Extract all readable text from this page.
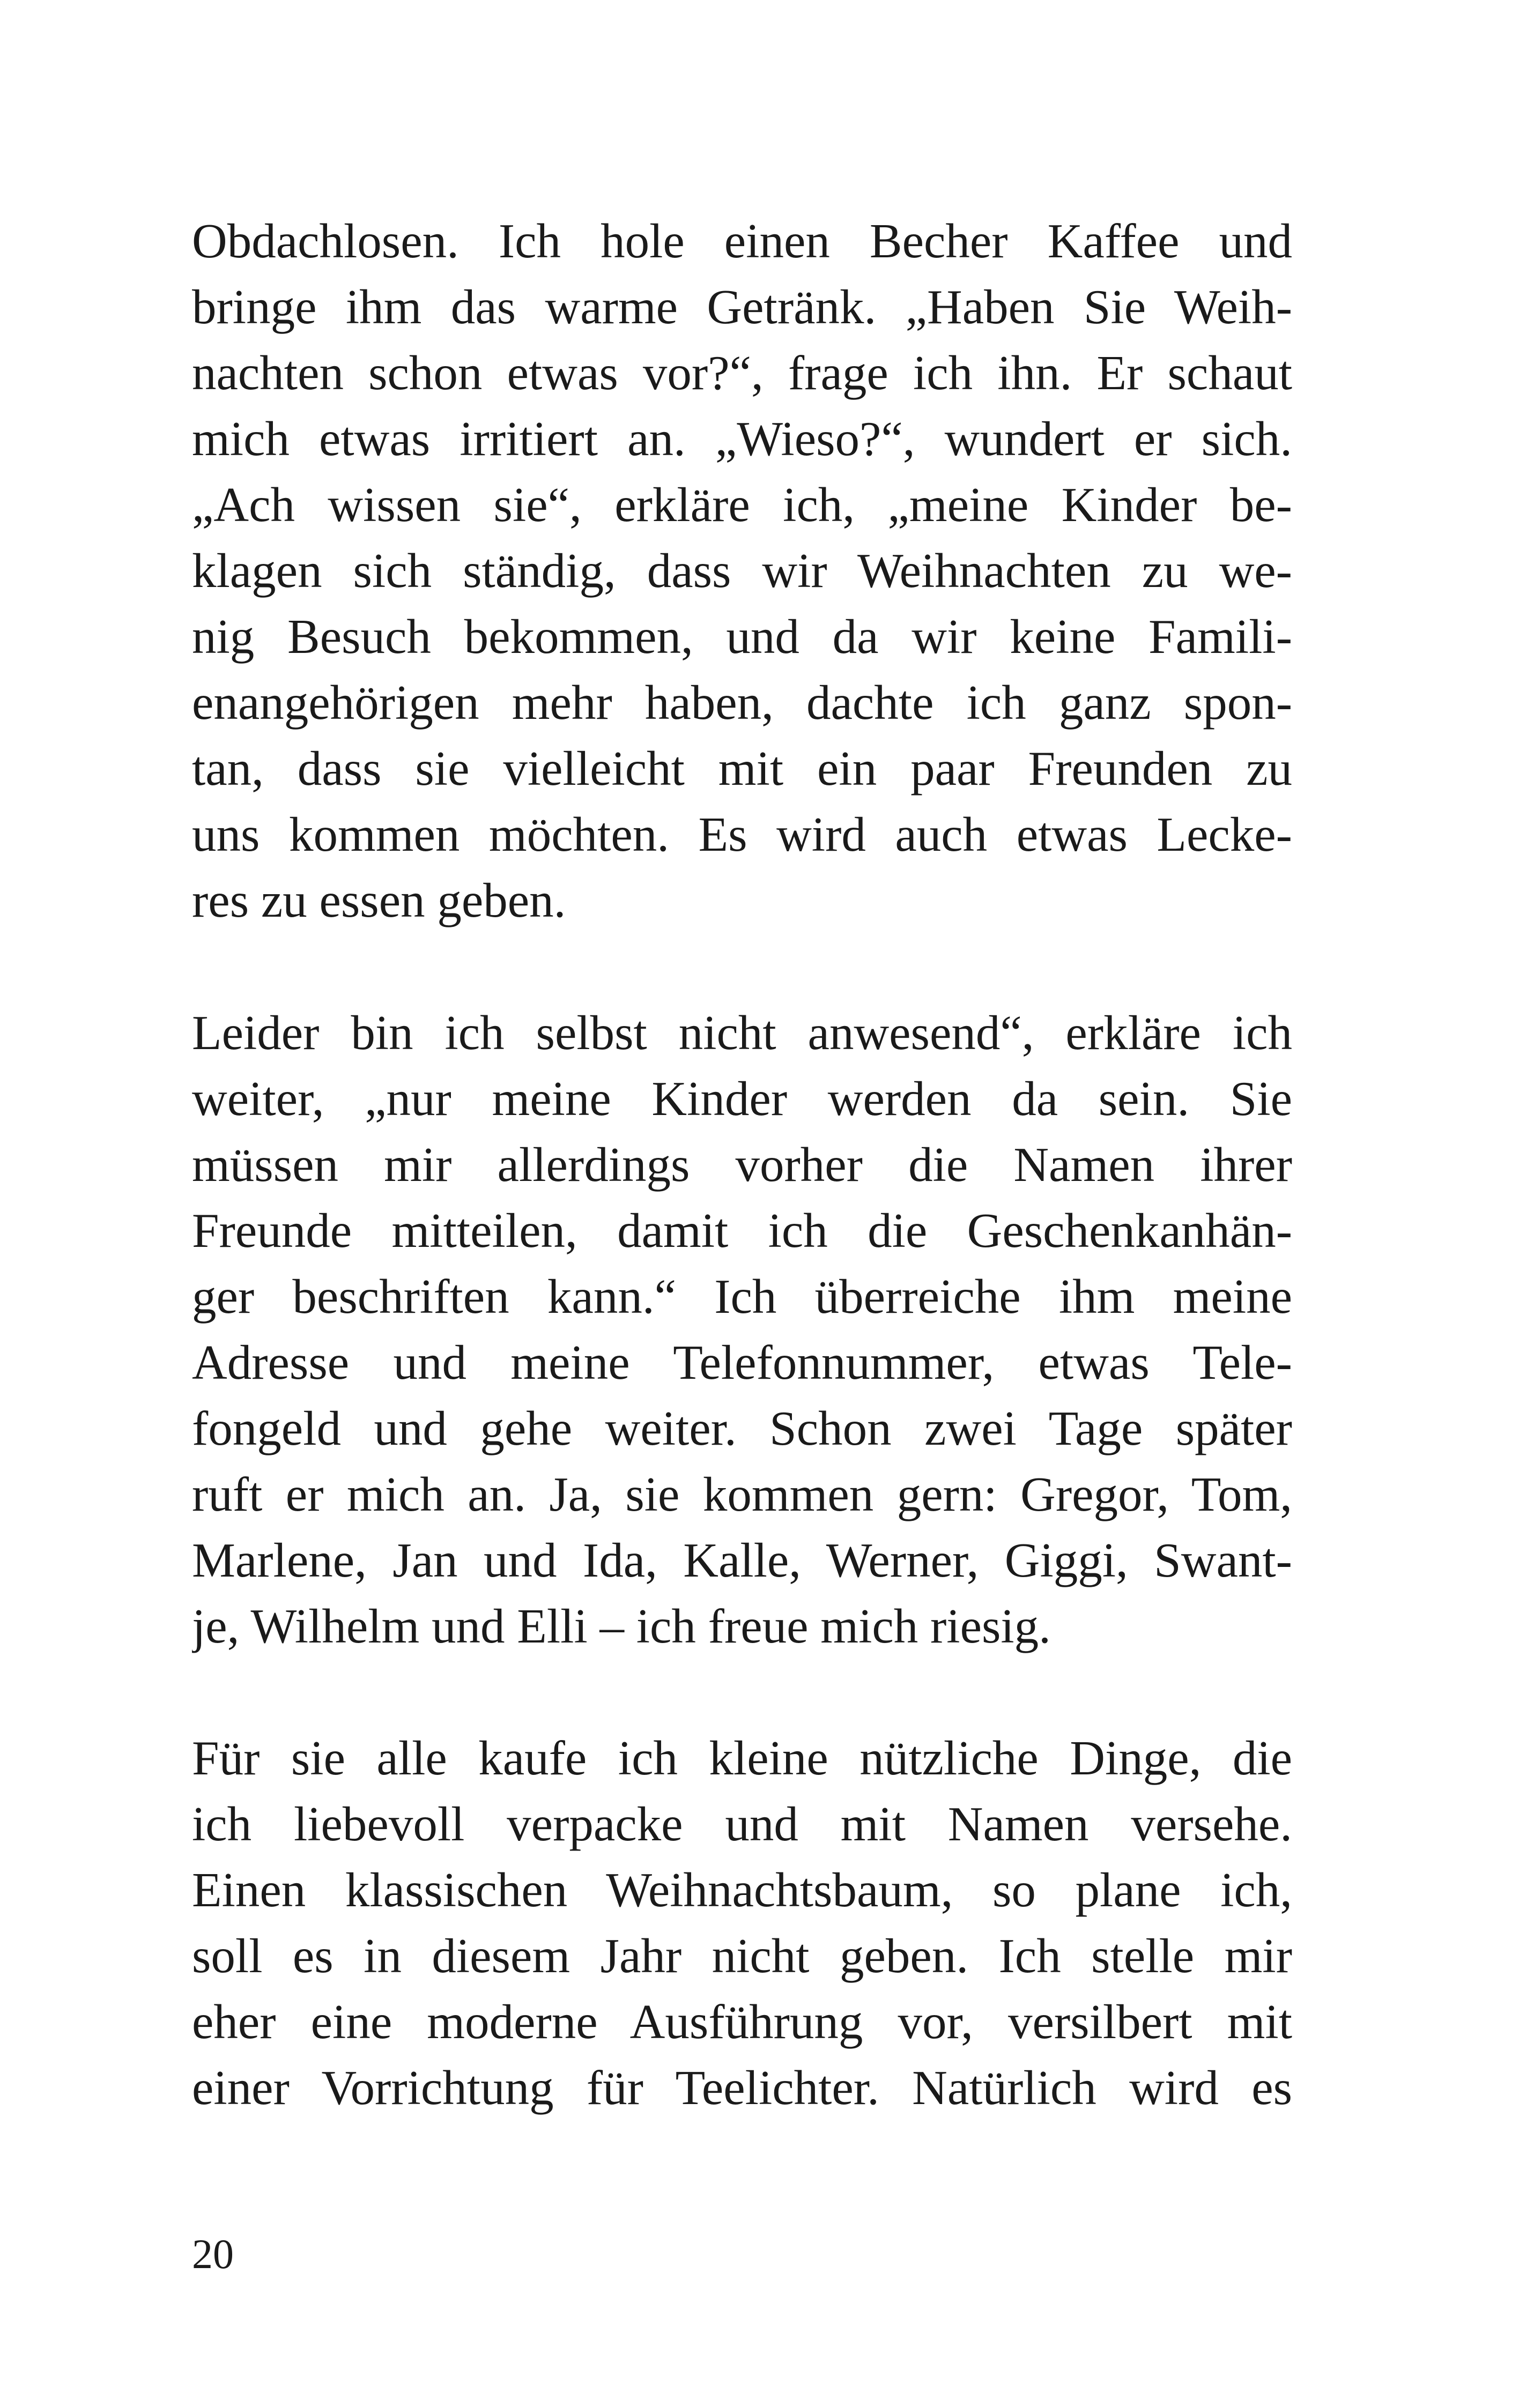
Obdachlosen. Ich hole einen Becher Kaffee und
bringe ihm das warme Getränk. „Haben Sie Weih-
nachten schon etwas vor?“, frage ich ihn. Er schaut
mich etwas irritiert an. „Wieso?“, wundert er sich.
„Ach wissen sie“, erkläre ich, „meine Kinder be-
klagen sich ständig, dass wir Weihnachten zu we-
nig Besuch bekommen, und da wir keine Famili-
enangehörigen mehr haben, dachte ich ganz spon-
tan, dass sie vielleicht mit ein paar Freunden zu
uns kommen möchten. Es wird auch etwas Lecke-
res zu essen geben.
Leider bin ich selbst nicht anwesend“, erkläre ich
weiter, „nur meine Kinder werden da sein. Sie
müssen mir allerdings vorher die Namen ihrer
Freunde mitteilen, damit ich die Geschenkanhän-
ger beschriften kann.“ Ich überreiche ihm meine
Adresse und meine Telefonnummer, etwas Tele-
fongeld und gehe weiter. Schon zwei Tage später
ruft er mich an. Ja, sie kommen gern: Gregor, Tom,
Marlene, Jan und Ida, Kalle, Werner, Giggi, Swant-
je, Wilhelm und Elli – ich freue mich riesig.
Für sie alle kaufe ich kleine nützliche Dinge, die
ich liebevoll verpacke und mit Namen versehe.
Einen klassischen Weihnachtsbaum, so plane ich,
soll es in diesem Jahr nicht geben. Ich stelle mir
eher eine moderne Ausführung vor, versilbert mit
einer Vorrichtung für Teelichter. Natürlich wird es
20
